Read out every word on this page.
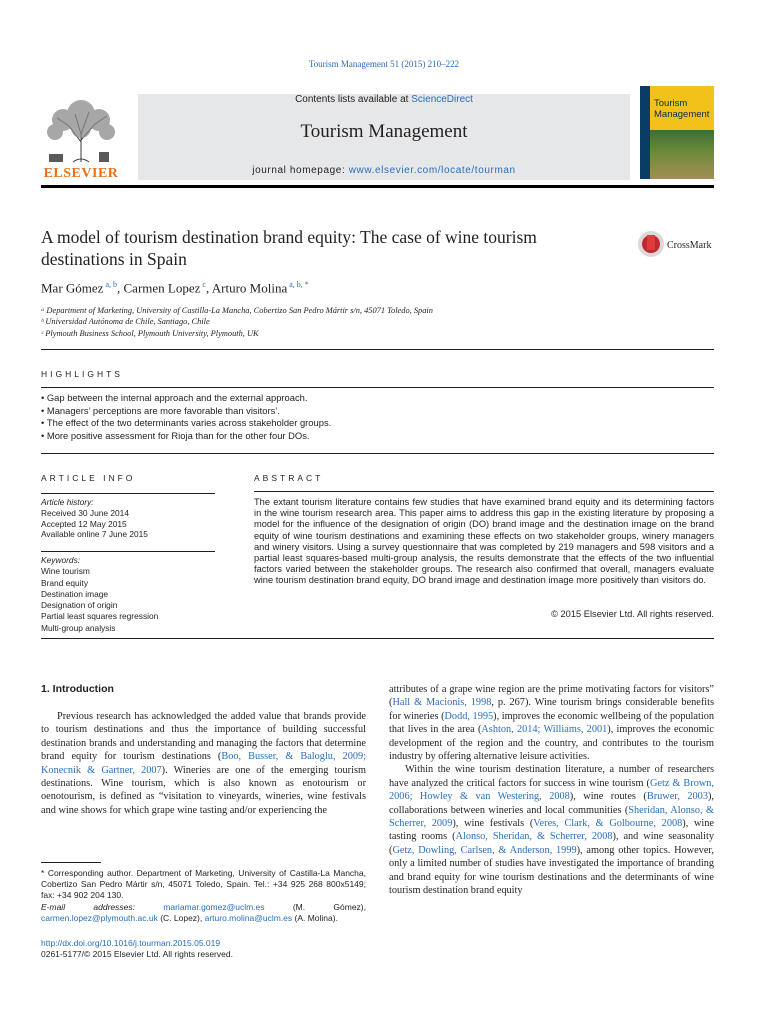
Tourism Management 51 (2015) 210–222
ELSEVIER
Contents lists available at ScienceDirect
Tourism Management
journal homepage: www.elsevier.com/locate/tourman
Tourism
Management
A model of tourism destination brand equity: The case of wine tourism destinations in Spain
CrossMark
Mar Gómez $^{a, b}$, Carmen Lopez $^c$, Arturo Molina $^{a, b, *}$
ᵃ Department of Marketing, University of Castilla-La Mancha, Cobertizo San Pedro Mártir s/n, 45071 Toledo, Spain
ᵇ Universidad Autónoma de Chile, Santiago, Chile
ᶜ Plymouth Business School, Plymouth University, Plymouth, UK
HIGHLIGHTS
• Gap between the internal approach and the external approach.
• Managers’ perceptions are more favorable than visitors’.
• The effect of the two determinants varies across stakeholder groups.
• More positive assessment for Rioja than for the other four DOs.
ARTICLE INFO	ABSTRACT
Article history:
Received 30 June 2014
Accepted 12 May 2015
Available online 7 June 2015
Keywords:
Wine tourism
Brand equity
Destination image
Designation of origin
Partial least squares regression
Multi-group analysis
The extant tourism literature contains few studies that have examined brand equity and its determining factors in the wine tourism research area. This paper aims to address this gap in the existing literature by proposing a model for the influence of the designation of origin (DO) brand image and the destination image on the brand equity of wine tourism destinations and examining these effects on two stakeholder groups, winery managers and winery visitors. Using a survey questionnaire that was completed by 219 managers and 598 visitors and a partial least squares-based multi-group analysis, the results demonstrate that the effects of the two influential factors varied between the stakeholder groups. The research also confirmed that overall, managers evaluate wine tourism destination brand equity, DO brand image and destination image more positively than visitors do.
© 2015 Elsevier Ltd. All rights reserved.
1. Introduction
Previous research has acknowledged the added value that brands provide to tourism destinations and thus the importance of building successful destination brands and understanding and managing the factors that determine brand equity for tourism destinations (Boo, Busser, & Baloglu, 2009; Konecnik & Gartner, 2007). Wineries are one of the emerging tourism destinations. Wine tourism, which is also known as enotourism or oenotourism, is defined as “visitation to vineyards, wineries, wine festivals and wine shows for which grape wine tasting and/or experiencing the

attributes of a grape wine region are the prime motivating factors for visitors” (Hall & Macionis, 1998, p. 267). Wine tourism brings considerable benefits for wineries (Dodd, 1995), improves the economic wellbeing of the population that lives in the area (Ashton, 2014; Williams, 2001), improves the economic development of the region and the country, and contributes to the tourism industry by offering alternative leisure activities.

Within the wine tourism destination literature, a number of researchers have analyzed the critical factors for success in wine tourism (Getz & Brown, 2006; Howley & van Westering, 2008), wine routes (Bruwer, 2003), collaborations between wineries and local communities (Sheridan, Alonso, & Scherrer, 2009), wine festivals (Veres, Clark, & Golbourne, 2008), wine tasting rooms (Alonso, Sheridan, & Scherrer, 2008), and wine seasonality (Getz, Dowling, Carlsen, & Anderson, 1999), among other topics. However, only a limited number of studies have investigated the importance of branding and brand equity for wine tourism destinations and the determinants of wine tourism destination brand equity

* Corresponding author. Department of Marketing, University of Castilla-La Mancha, Cobertizo San Pedro Mártir s/n, 45071 Toledo, Spain. Tel.: +34 925 268 800x5149; fax: +34 902 204 130.
E-mail addresses: mariamar.gomez@uclm.es (M. Gómez), carmen.lopez@plymouth.ac.uk (C. Lopez), arturo.molina@uclm.es (A. Molina).
http://dx.doi.org/10.1016/j.tourman.2015.05.019
0261-5177/© 2015 Elsevier Ltd. All rights reserved.
